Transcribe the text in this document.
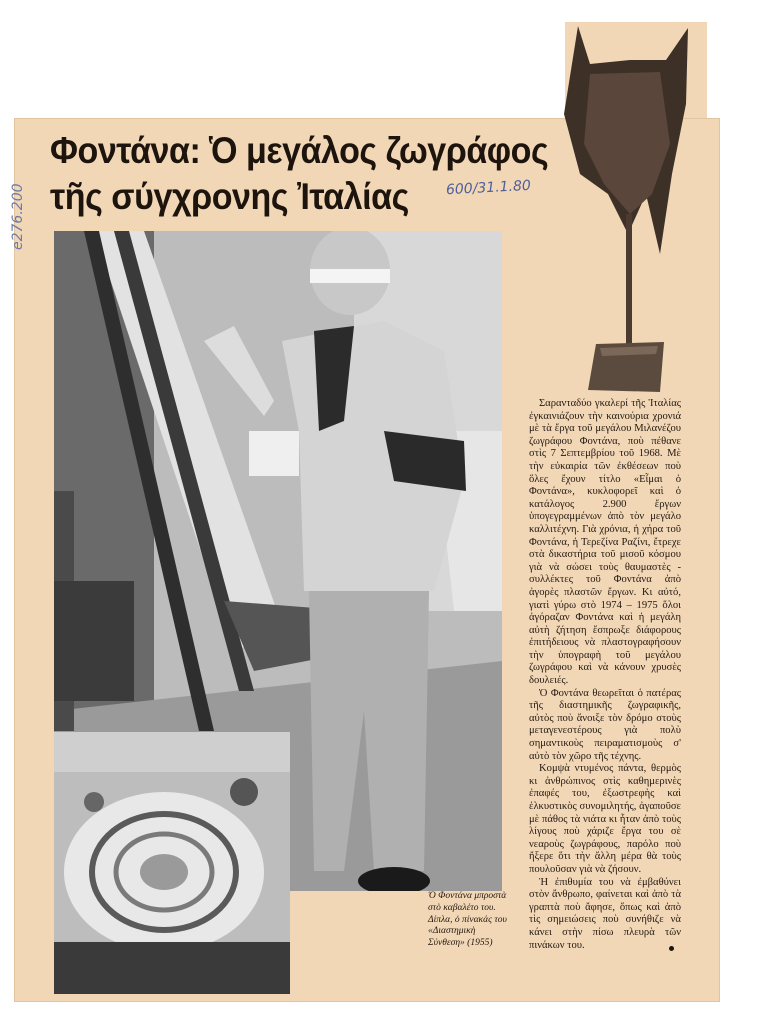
Φοντάνα: Ὁ μεγάλος ζωγράφος
τῆς σύγχρονης Ἰταλίας
e276.200	600/31.1.80

Σαρανταδύο γκαλερί τῆς Ἰταλίας ἐγκαινιάζουν τὴν καινούρια χρονιά μὲ τὰ ἔργα τοῦ μεγάλου Μιλανέζου ζωγράφου Φοντάνα, ποὺ πέθανε στὶς 7 Σεπτεμβρίου τοῦ 1968. Μὲ τὴν εὐκαιρία τῶν ἐκθέσεων ποὺ ὅλες ἔχουν τίτλο «Εἶμαι ὁ Φοντάνα», κυκλοφορεῖ καὶ ὁ κατάλογος 2.900 ἔργων ὑπογεγραμμένων ἀπὸ τὸν μεγάλο καλλιτέχνη. Γιὰ χρόνια, ἡ χήρα τοῦ Φοντάνα, ἡ Τερεζίνα Ραζίνι, ἔτρεχε στὰ δικαστήρια τοῦ μισοῦ κόσμου γιὰ νὰ σώσει τοὺς θαυμαστὲς - συλλέκτες τοῦ Φοντάνα ἀπὸ ἀγορὲς πλαστῶν ἔργων. Κι αὐτό, γιατὶ γύρω στὸ 1974 – 1975 ὅλοι ἀγόραζαν Φοντάνα καὶ ἡ μεγάλη αὐτὴ ζήτηση ἔσπρωξε διάφορους ἐπιτήδειους νὰ πλαστογραφήσουν τὴν ὑπογραφὴ τοῦ μεγάλου ζωγράφου καὶ νὰ κάνουν χρυσὲς δουλειές.

Ὁ Φοντάνα θεωρεῖται ὁ πατέρας τῆς διαστημικῆς ζωγραφικῆς, αὐτὸς ποὺ ἄνοιξε τὸν δρόμο στοὺς μεταγενεστέρους γιὰ πολὺ σημαντικοὺς πειραματισμοὺς σ' αὐτὸ τὸν χῶρο τῆς τέχνης.

Κομψὰ ντυμένος πάντα, θερμὸς κι ἀνθρώπινος στὶς καθημερινὲς ἐπαφές του, ἐξωστρεφὴς καὶ ἑλκυστικὸς συνομιλητής, ἀγαποῦσε μὲ πάθος τὰ νιάτα κι ἦταν ἀπὸ τοὺς λίγους ποὺ χάριζε ἔργα του σὲ νεαροὺς ζωγράφους, παρόλο ποὺ ἤξερε ὅτι τὴν ἄλλη μέρα θὰ τοὺς πουλοῦσαν γιὰ νὰ ζήσουν.

Ἡ ἐπιθυμία του νὰ ἐμβαθύνει στὸν ἄνθρωπο, φαίνεται καὶ ἀπὸ τὰ γραπτὰ ποὺ ἄφησε, ὅπως καὶ ἀπὸ τὶς σημειώσεις ποὺ συνήθιζε νὰ κάνει στὴν πίσω πλευρὰ τῶν πινάκων του.

Ὁ Φοντάνα μπροστὰ στὸ καβαλέτο του. Δίπλα, ὁ πίνακάς του «Διαστημικὴ Σύνθεση» (1955)
